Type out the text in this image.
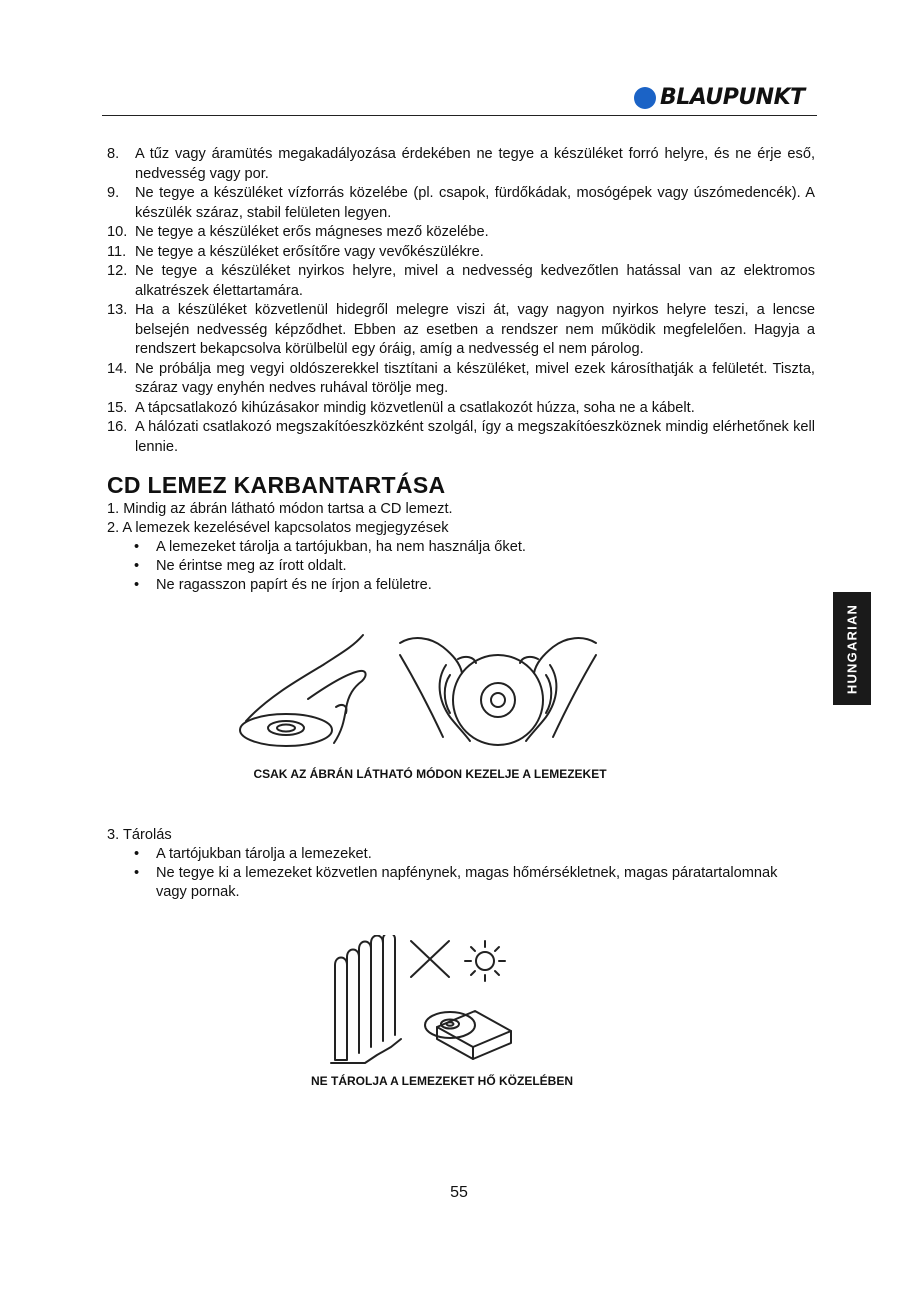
BLAUPUNKT
8.	A tűz vagy áramütés megakadályozása érdekében ne tegye a készüléket forró helyre, és ne érje eső, nedvesség vagy por.
9.	Ne tegye a készüléket vízforrás közelébe (pl. csapok, fürdőkádak, mosógépek vagy úszómedencék). A készülék száraz, stabil felületen legyen.
10. Ne tegye a készüléket erős mágneses mező közelébe.
11. Ne tegye a készüléket erősítőre vagy vevőkészülékre.
12. Ne tegye a készüléket nyirkos helyre, mivel a nedvesség kedvezőtlen hatással van az elektromos alkatrészek élettartamára.
13. Ha a készüléket közvetlenül hidegről melegre viszi át, vagy nagyon nyirkos helyre teszi, a lencse belsején nedvesség képződhet. Ebben az esetben a rendszer nem működik megfelelően. Hagyja a rendszert bekapcsolva körülbelül egy óráig, amíg a nedvesség el nem párolog.
14. Ne próbálja meg vegyi oldószerekkel tisztítani a készüléket, mivel ezek károsíthatják a felületét. Tiszta, száraz vagy enyhén nedves ruhával törölje meg.
15. A tápcsatlakozó kihúzásakor mindig közvetlenül a csatlakozót húzza, soha ne a kábelt.
16. A hálózati csatlakozó megszakítóeszközként szolgál, így a megszakítóeszköznek mindig elérhetőnek kell lennie.
CD LEMEZ KARBANTARTÁSA

1. Mindig az ábrán látható módon tartsa a CD lemezt.

2. A lemezek kezelésével kapcsolatos megjegyzések

•	A lemezeket tárolja a tartójukban, ha nem használja őket.
•	Ne érintse meg az írott oldalt.
•	Ne ragasszon papírt és ne írjon a felületre.
CSAK AZ ÁBRÁN LÁTHATÓ MÓDON KEZELJE A LEMEZEKET

3. Tárolás

•	A tartójukban tárolja a lemezeket.
•	Ne tegye ki a lemezeket közvetlen napfénynek, magas hőmérsékletnek, magas páratartalomnak vagy pornak.
NE TÁROLJA A LEMEZEKET HŐ KÖZELÉBEN
HUNGARIAN
55
